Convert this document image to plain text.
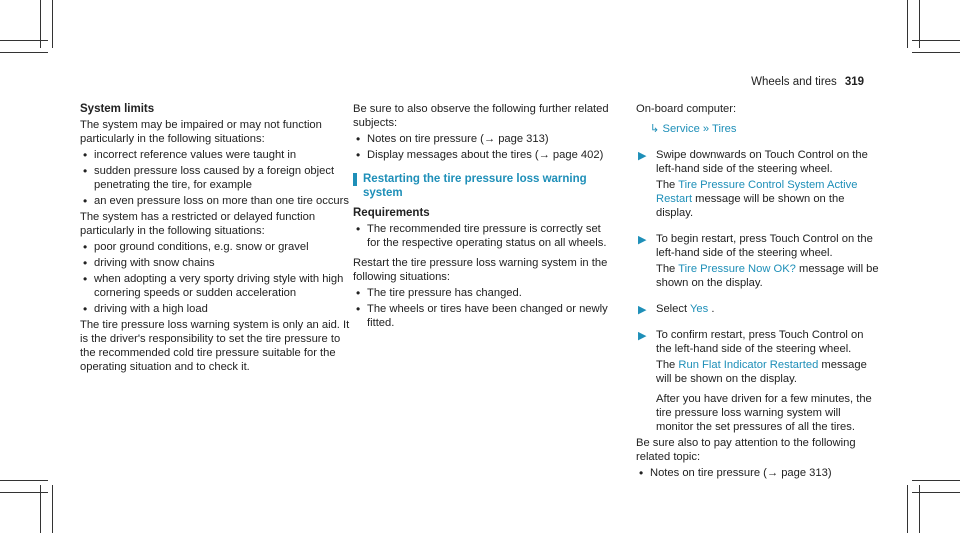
Wheels and tires 319
System limits

The system may be impaired or may not function particularly in the following situations:

• incorrect reference values were taught in
• sudden pressure loss caused by a foreign object penetrating the tire, for example
• an even pressure loss on more than one tire occurs

The system has a restricted or delayed function particularly in the following situations:

• poor ground conditions, e.g. snow or gravel
• driving with snow chains
• when adopting a very sporty driving style with high cornering speeds or sudden acceleration
• driving with a high load

The tire pressure loss warning system is only an aid. It is the driver's responsibility to set the tire pressure to the recommended cold tire pressure suitable for the operating situation and to check it.

Be sure to also observe the following further related subjects:

• Notes on tire pressure (→ page 313)
• Display messages about the tires (→ page 402)
Restarting the tire pressure loss warning system
Requirements
• The recommended tire pressure is correctly set for the respective operating status on all wheels.

Restart the tire pressure loss warning system in the following situations:

• The tire pressure has changed.
• The wheels or tires have been changed or newly fitted.

On-board computer:

↳ Service » Tires
▶ Swipe downwards on Touch Control on the left-hand side of the steering wheel.

The Tire Pressure Control System Active Restart message will be shown on the display.

▶ To begin restart, press Touch Control on the left-hand side of the steering wheel.

The Tire Pressure Now OK? message will be shown on the display.

▶ Select Yes .

▶ To confirm restart, press Touch Control on the left-hand side of the steering wheel.

The Run Flat Indicator Restarted message will be shown on the display.

After you have driven for a few minutes, the tire pressure loss warning system will monitor the set pressures of all the tires.

Be sure also to pay attention to the following related topic:

• Notes on tire pressure (→ page 313)
